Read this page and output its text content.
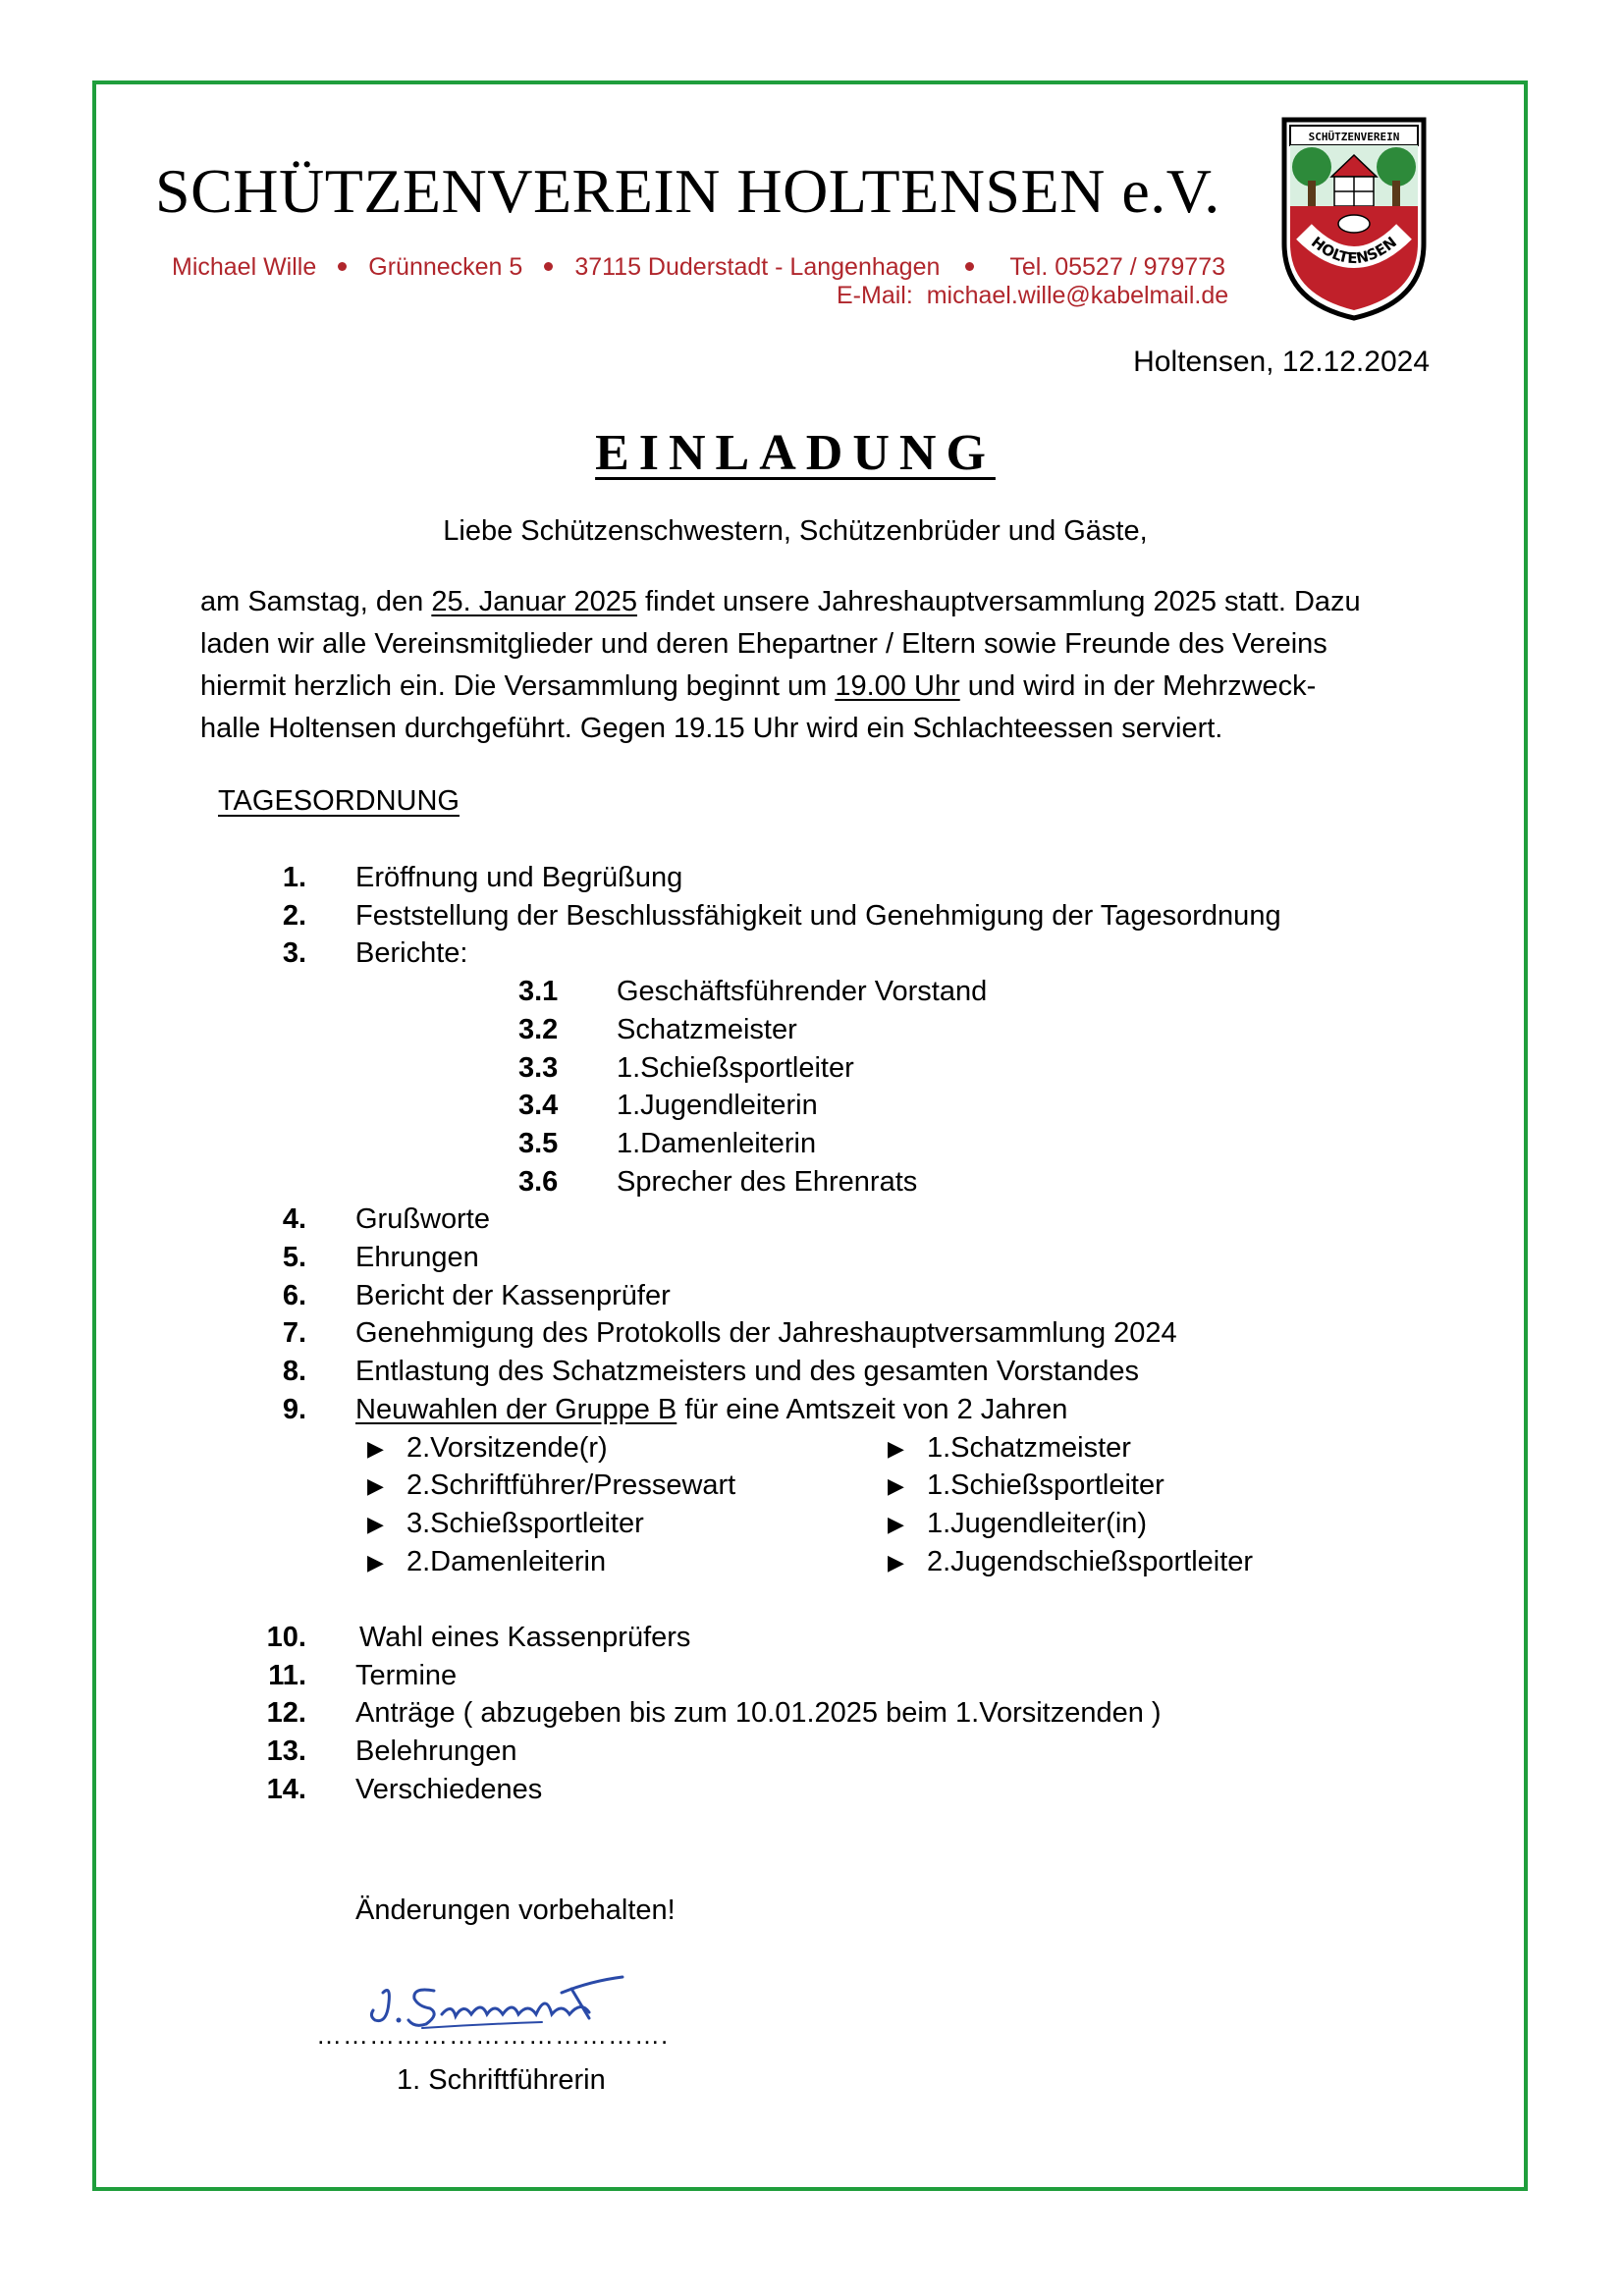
SCHÜTZENVEREIN HOLTENSEN e.V.
Michael Wille Grünnecken 5 37115 Duderstadt - Langenhagen	Tel. 05527 / 979773
E-Mail: michael.wille@kabelmail.de
SCHÜTZENVEREIN
HOLTENSEN
Holtensen, 12.12.2024
EINLADUNG
Liebe Schützenschwestern, Schützenbrüder und Gäste,
am Samstag, den 25. Januar 2025 findet unsere Jahreshauptversammlung 2025 statt. Dazu
laden wir alle Vereinsmitglieder und deren Ehepartner / Eltern sowie Freunde des Vereins
hiermit herzlich ein. Die Versammlung beginnt um 19.00 Uhr und wird in der Mehrzweck-
halle Holtensen durchgeführt. Gegen 19.15 Uhr wird ein Schlachteessen serviert.
TAGESORDNUNG
1. Eröffnung und Begrüßung
2. Feststellung der Beschlussfähigkeit und Genehmigung der Tagesordnung
3. Berichte:
3.1 Geschäftsführender Vorstand
3.2 Schatzmeister
3.3 1.Schießsportleiter
3.4 1.Jugendleiterin
3.5 1.Damenleiterin
3.6 Sprecher des Ehrenrats
4. Grußworte
5. Ehrungen
6. Bericht der Kassenprüfer
7. Genehmigung des Protokolls der Jahreshauptversammlung 2024
8. Entlastung des Schatzmeisters und des gesamten Vorstandes
9. Neuwahlen der Gruppe B für eine Amtszeit von 2 Jahren
▶ 2.Vorsitzende(r)	▶ 1.Schatzmeister
▶ 2.Schriftführer/Pressewart	▶ 1.Schießsportleiter
▶ 3.Schießsportleiter	▶ 1.Jugendleiter(in)
▶ 2.Damenleiterin	▶ 2.Jugendschießsportleiter
10. Wahl eines Kassenprüfers
11. Termine
12. Anträge ( abzugeben bis zum 10.01.2025 beim 1.Vorsitzenden )
13. Belehrungen
14. Verschiedenes
Änderungen vorbehalten!
………………………………….
1. Schriftführerin
